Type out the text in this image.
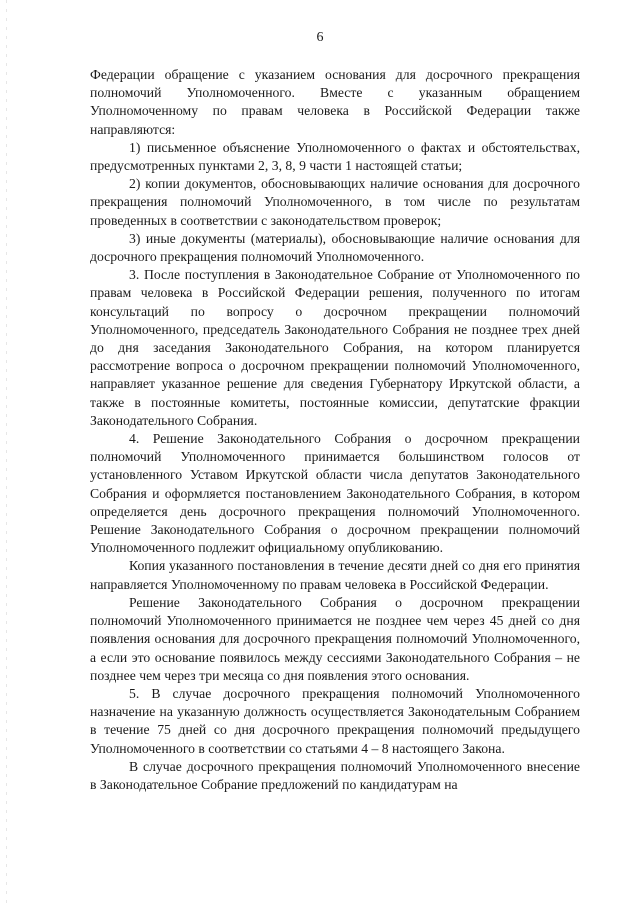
6

Федерации обращение с указанием основания для досрочного прекращения полномочий Уполномоченного. Вместе с указанным обращением Уполномоченному по правам человека в Российской Федерации также направляются:

1) письменное объяснение Уполномоченного о фактах и обстоятельствах, предусмотренных пунктами 2, 3, 8, 9 части 1 настоящей статьи;

2) копии документов, обосновывающих наличие основания для досрочного прекращения полномочий Уполномоченного, в том числе по результатам проведенных в соответствии с законодательством проверок;

3) иные документы (материалы), обосновывающие наличие основания для досрочного прекращения полномочий Уполномоченного.

3. После поступления в Законодательное Собрание от Уполномоченного по правам человека в Российской Федерации решения, полученного по итогам консультаций по вопросу о досрочном прекращении полномочий Уполномоченного, председатель Законодательного Собрания не позднее трех дней до дня заседания Законодательного Собрания, на котором планируется рассмотрение вопроса о досрочном прекращении полномочий Уполномоченного, направляет указанное решение для сведения Губернатору Иркутской области, а также в постоянные комитеты, постоянные комиссии, депутатские фракции Законодательного Собрания.

4. Решение Законодательного Собрания о досрочном прекращении полномочий Уполномоченного принимается большинством голосов от установленного Уставом Иркутской области числа депутатов Законодательного Собрания и оформляется постановлением Законодательного Собрания, в котором определяется день досрочного прекращения полномочий Уполномоченного. Решение Законодательного Собрания о досрочном прекращении полномочий Уполномоченного подлежит официальному опубликованию.

Копия указанного постановления в течение десяти дней со дня его принятия направляется Уполномоченному по правам человека в Российской Федерации.

Решение Законодательного Собрания о досрочном прекращении полномочий Уполномоченного принимается не позднее чем через 45 дней со дня появления основания для досрочного прекращения полномочий Уполномоченного, а если это основание появилось между сессиями Законодательного Собрания – не позднее чем через три месяца со дня появления этого основания.

5. В случае досрочного прекращения полномочий Уполномоченного назначение на указанную должность осуществляется Законодательным Собранием в течение 75 дней со дня досрочного прекращения полномочий предыдущего Уполномоченного в соответствии со статьями 4 – 8 настоящего Закона.

В случае досрочного прекращения полномочий Уполномоченного внесение в Законодательное Собрание предложений по кандидатурам на
